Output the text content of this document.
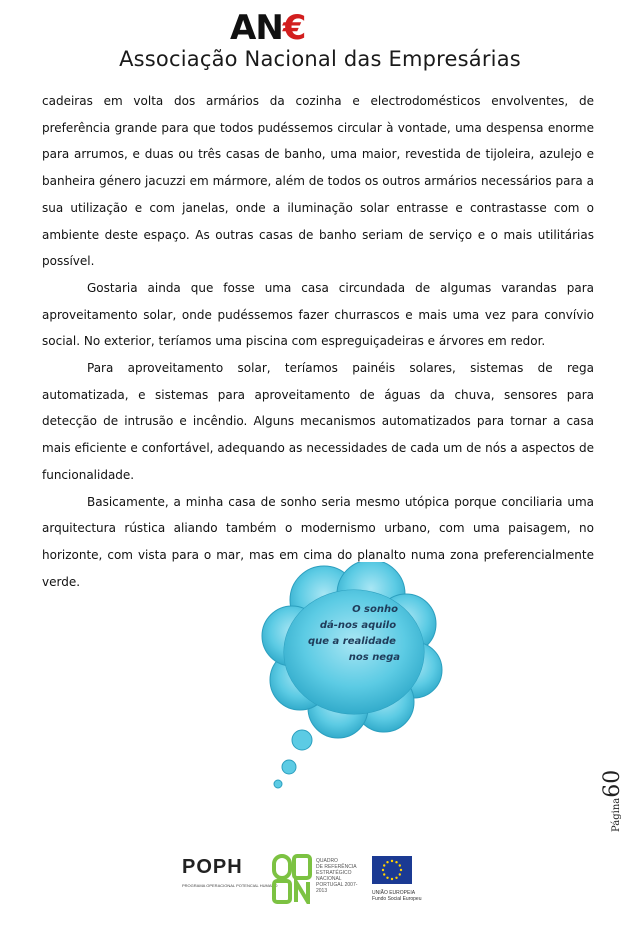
AN€
Associação Nacional das Empresárias

cadeiras em volta dos armários da cozinha e electrodomésticos envolventes, de preferência grande para que todos pudéssemos circular à vontade, uma despensa enorme para arrumos, e duas ou três casas de banho, uma maior, revestida de tijoleira, azulejo e banheira género jacuzzi em mármore, além de todos os outros armários necessários para a sua utilização e com janelas, onde a iluminação solar entrasse e contrastasse com o ambiente deste espaço. As outras casas de banho seriam de serviço e o mais utilitárias possível.

Gostaria ainda que fosse uma casa circundada de algumas varandas para aproveitamento solar, onde pudéssemos fazer churrascos e mais uma vez para convívio social. No exterior, teríamos uma piscina com espreguiçadeiras e árvores em redor.

Para aproveitamento solar, teríamos painéis solares, sistemas de rega automatizada, e sistemas para aproveitamento de águas da chuva, sensores para detecção de intrusão e incêndio. Alguns mecanismos automatizados para tornar a casa mais eficiente e confortável, adequando as necessidades de cada um de nós a aspectos de funcionalidade.

Basicamente, a minha casa de sonho seria mesmo utópica porque conciliaria uma arquitectura rústica aliando também o modernismo urbano, com uma paisagem, no horizonte, com vista para o mar, mas em cima do planalto numa zona preferencialmente verde.

O sonho
dá-nos aquilo
que a realidade
nos nega
Página60
POPH
PROGRAMA OPERACIONAL POTENCIAL HUMANO
QUADRO
DE REFERÊNCIA
ESTRATÉGICO
NACIONAL
PORTUGAL 2007-2013	UNIÃO EUROPEIA
Fundo Social Europeu
